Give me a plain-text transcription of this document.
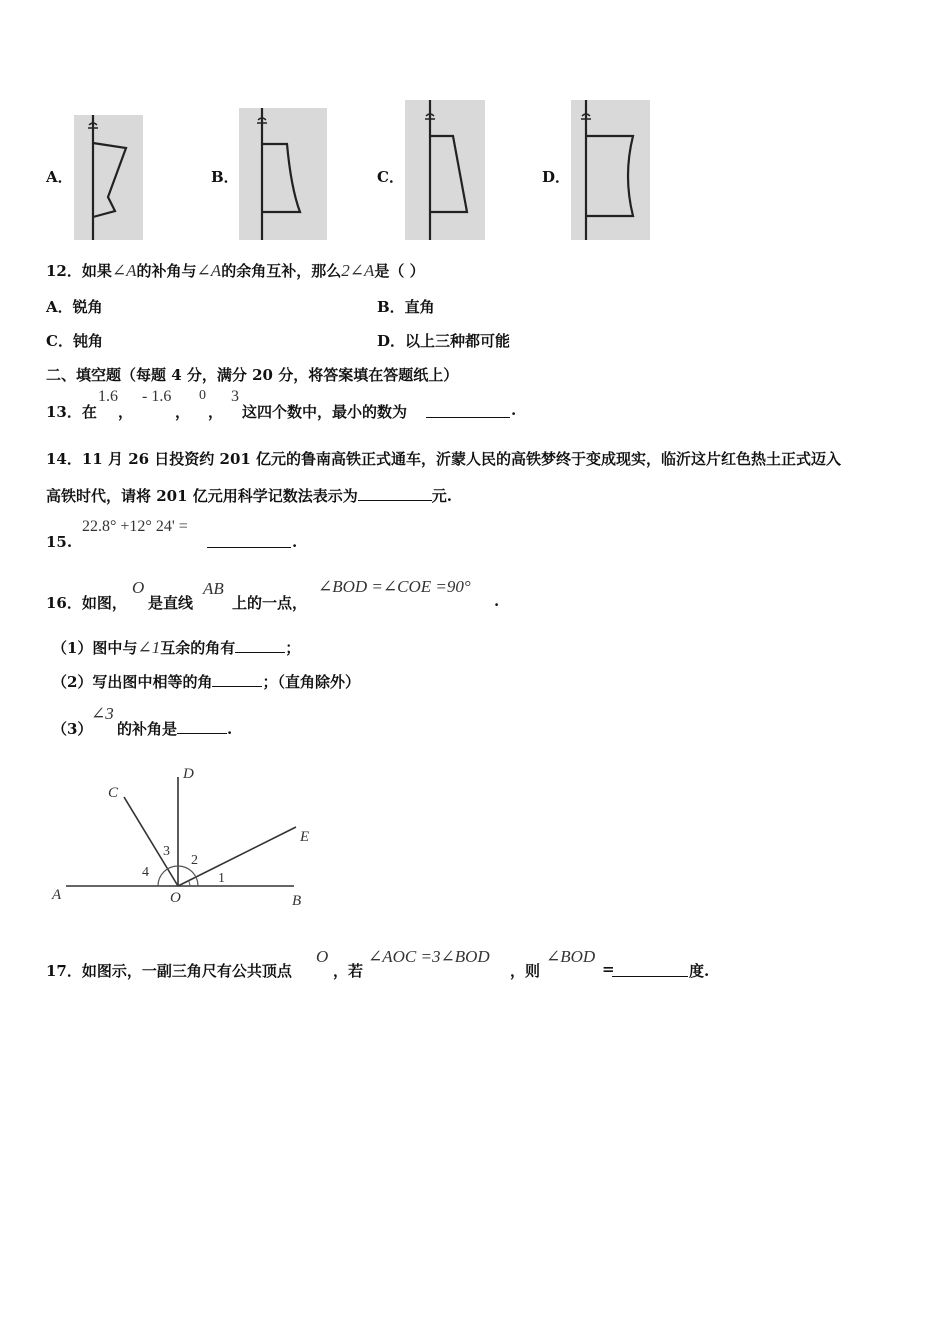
A．	B．	C．	D．
12．如果∠A的补角与∠A的余角互补，那么2∠A是（ ）
A．锐角	B．直角
C．钝角	D．以上三种都可能
二、填空题（每题 4 分，满分 20 分，将答案填在答题纸上）
13．在
1.6
，
- 1.6
，
0
，
3
这四个数中，最小的数为	.
14．11 月 26 日投资约 201 亿元的鲁南高铁正式通车，沂蒙人民的高铁梦终于变成现实，临沂这片红色热土正式迈入
高铁时代，请将 201 亿元用科学记数法表示为	元.
15.
22.8° +12° 24' =
.
16．如图，
O
是直线
AB
上的一点，
∠BOD =∠COE =90°
.
（1）图中与∠1互余的角有	；
（2）写出图中相等的角	；（直角除外）
（3）
∠3
的补角是	.
A	B
C
D
E
O
1
2
3
4
17．如图示，一副三角尺有公共顶点
O
，若
∠AOC =3∠BOD
，则
∠BOD
=	度.
